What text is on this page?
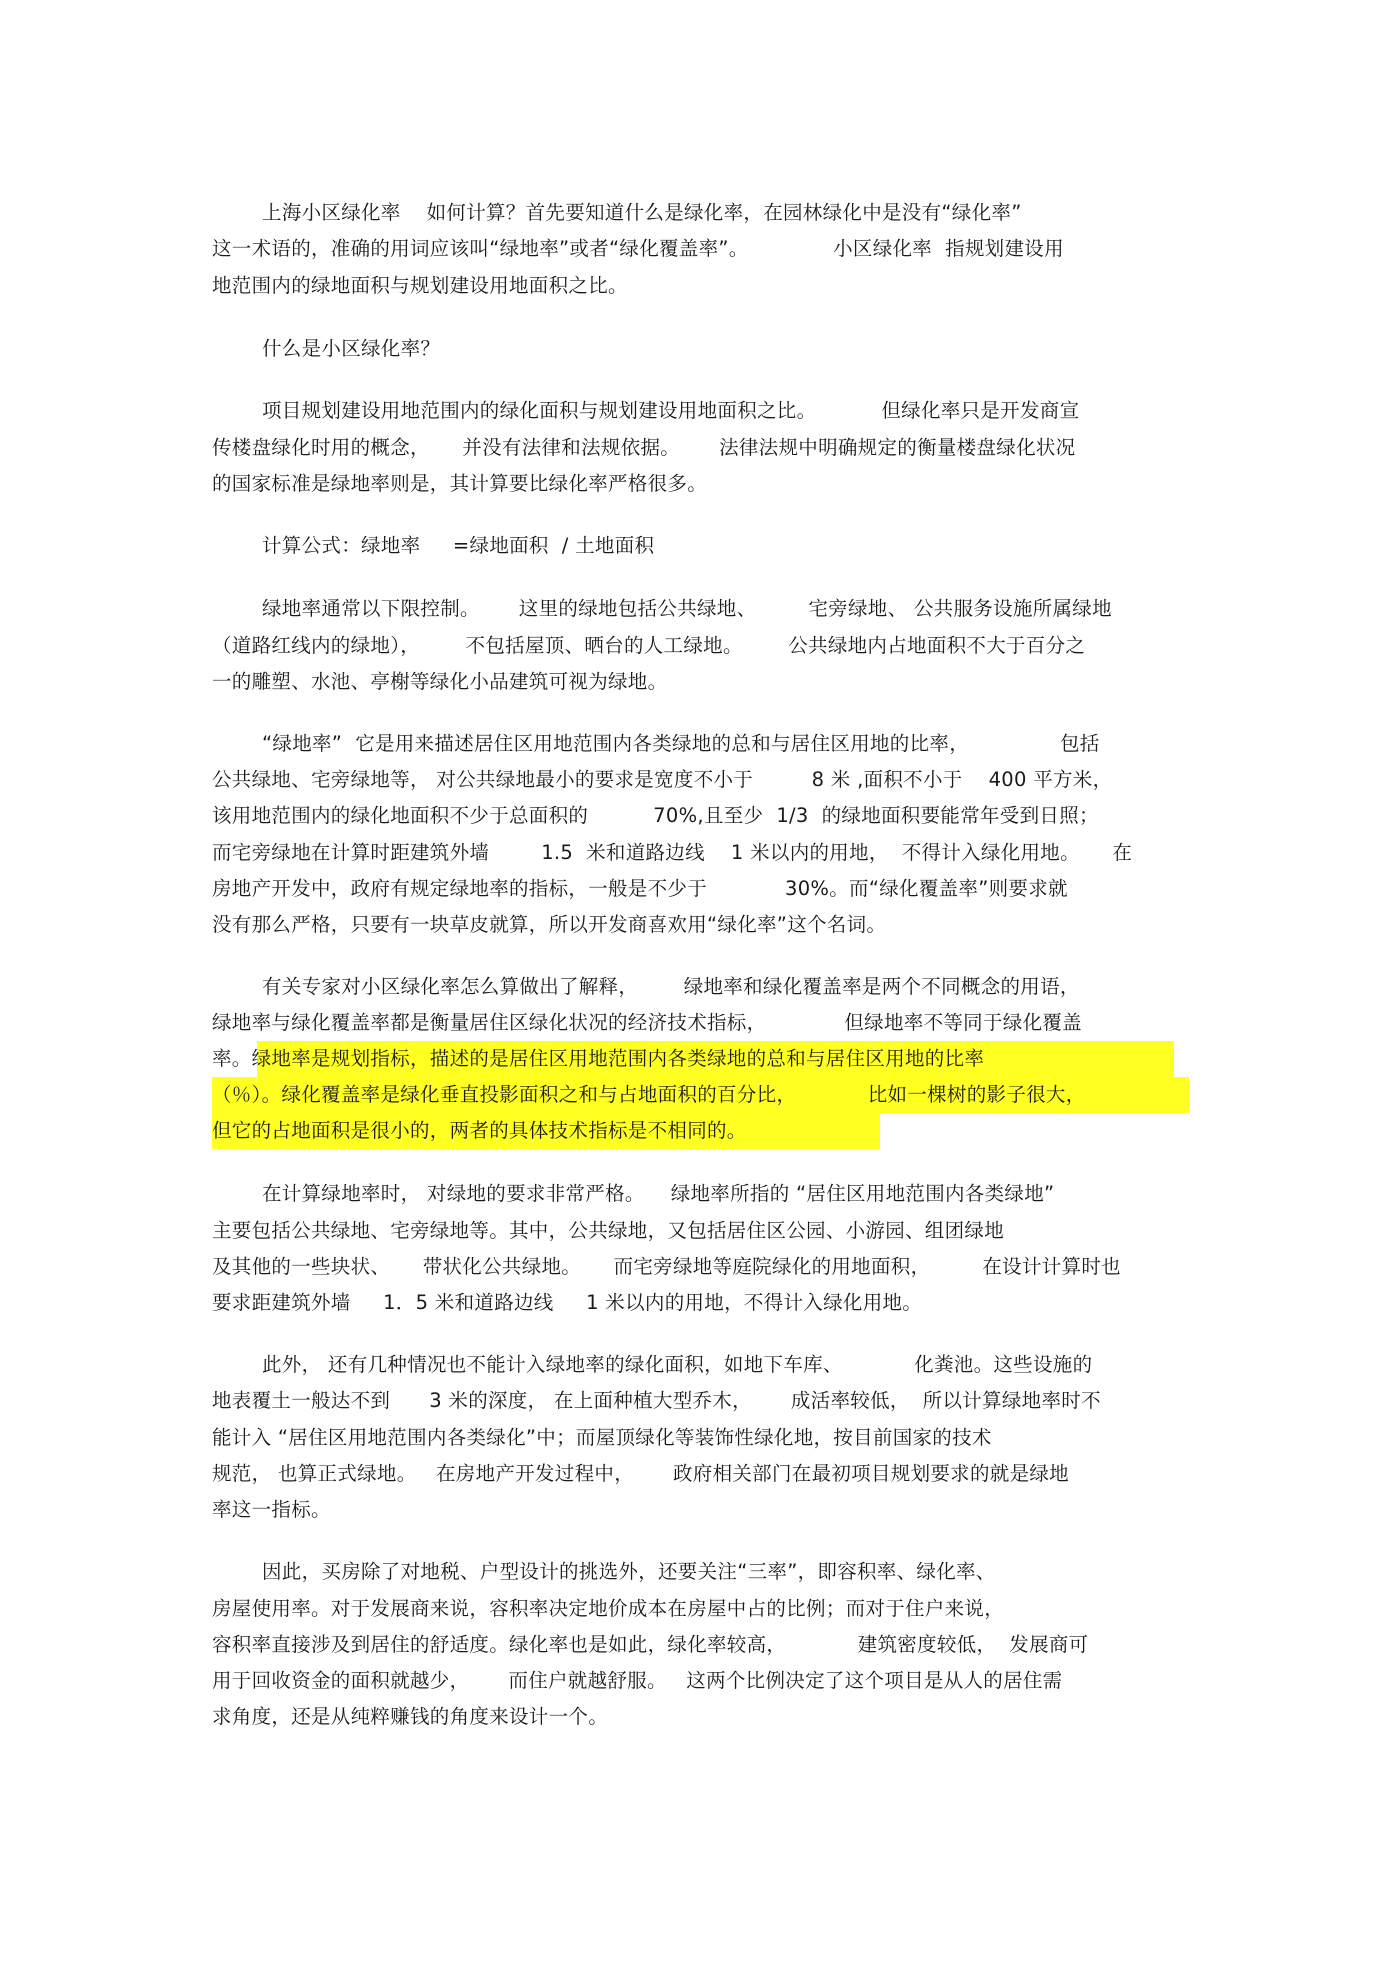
上海小区绿化率    如何计算？首先要知道什么是绿化率，在园林绿化中是没有“绿化率”
这一术语的，准确的用词应该叫“绿地率”或者“绿化覆盖率”。             小区绿化率  指规划建设用
地范围内的绿地面积与规划建设用地面积之比。
什么是小区绿化率？
项目规划建设用地范围内的绿化面积与规划建设用地面积之比。          但绿化率只是开发商宣
传楼盘绿化时用的概念，     并没有法律和法规依据。      法律法规中明确规定的衡量楼盘绿化状况
的国家标准是绿地率则是，其计算要比绿化率严格很多。
计算公式：绿地率     =绿地面积  / 土地面积
绿地率通常以下限控制。      这里的绿地包括公共绿地、        宅旁绿地、 公共服务设施所属绿地
（道路红线内的绿地），       不包括屋顶、晒台的人工绿地。       公共绿地内占地面积不大于百分之
一的雕塑、水池、亭榭等绿化小品建筑可视为绿地。
“绿地率”  它是用来描述居住区用地范围内各类绿地的总和与居住区用地的比率，              包括
公共绿地、宅旁绿地等， 对公共绿地最小的要求是宽度不小于         8 米 ,面积不小于    400 平方米，
该用地范围内的绿化地面积不少于总面积的          70%,且至少  1/3  的绿地面积要能常年受到日照；
而宅旁绿地在计算时距建筑外墙        1.5  米和道路边线    1 米以内的用地，  不得计入绿化用地。     在
房地产开发中，政府有规定绿地率的指标，一般是不少于            30%。而“绿化覆盖率”则要求就
没有那么严格，只要有一块草皮就算，所以开发商喜欢用“绿化率”这个名词。
有关专家对小区绿化率怎么算做出了解释，       绿地率和绿化覆盖率是两个不同概念的用语，
绿地率与绿化覆盖率都是衡量居住区绿化状况的经济技术指标，            但绿地率不等同于绿化覆盖
率。绿地率是规划指标，描述的是居住区用地范围内各类绿地的总和与居住区用地的比率
（％）。绿化覆盖率是绿化垂直投影面积之和与占地面积的百分比，           比如一棵树的影子很大，
但它的占地面积是很小的，两者的具体技术指标是不相同的。
在计算绿地率时， 对绿地的要求非常严格。    绿地率所指的 “居住区用地范围内各类绿地”
主要包括公共绿地、宅旁绿地等。其中，公共绿地，又包括居住区公园、小游园、组团绿地
及其他的一些块状、     带状化公共绿地。     而宅旁绿地等庭院绿化的用地面积，        在设计计算时也
要求距建筑外墙     1．5 米和道路边线     1 米以内的用地，不得计入绿化用地。
此外， 还有几种情况也不能计入绿地率的绿化面积，如地下车库、           化粪池。这些设施的
地表覆土一般达不到      3 米的深度， 在上面种植大型乔木，      成活率较低，  所以计算绿地率时不
能计入 “居住区用地范围内各类绿化”中；而屋顶绿化等装饰性绿化地，按目前国家的技术
规范， 也算正式绿地。   在房地产开发过程中，      政府相关部门在最初项目规划要求的就是绿地
率这一指标。
因此，买房除了对地税、户型设计的挑选外，还要关注“三率”，即容积率、绿化率、
房屋使用率。对于发展商来说，容积率决定地价成本在房屋中占的比例；而对于住户来说，
容积率直接涉及到居住的舒适度。绿化率也是如此，绿化率较高，           建筑密度较低，  发展商可
用于回收资金的面积就越少，      而住户就越舒服。   这两个比例决定了这个项目是从人的居住需
求角度，还是从纯粹赚钱的角度来设计一个。
